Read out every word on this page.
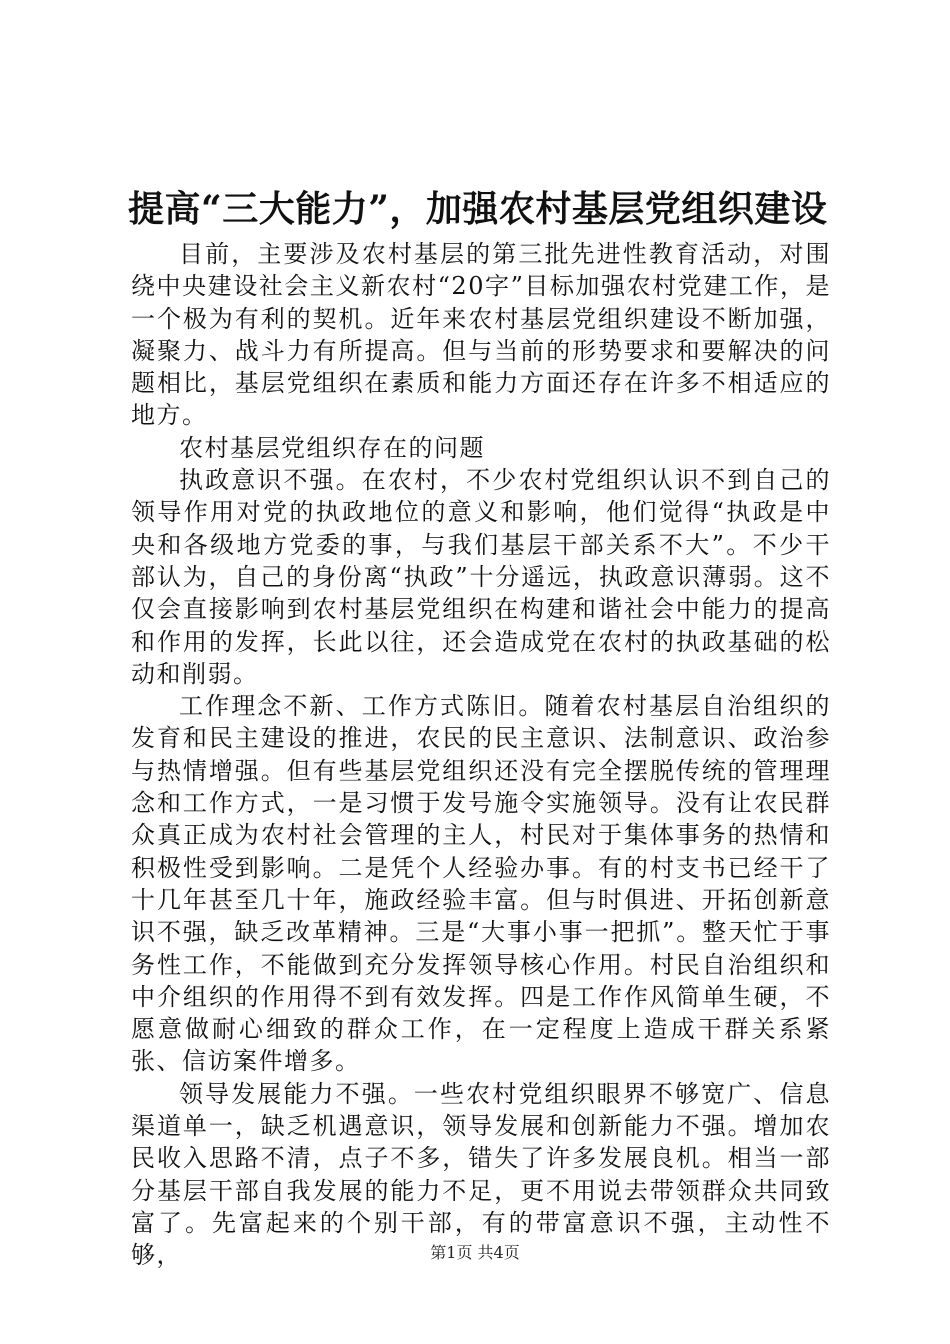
提高“三大能力”，加强农村基层党组织建设

目前，主要涉及农村基层的第三批先进性教育活动，对围绕中央建设社会主义新农村“20字”目标加强农村党建工作，是一个极为有利的契机。近年来农村基层党组织建设不断加强，凝聚力、战斗力有所提高。但与当前的形势要求和要解决的问题相比，基层党组织在素质和能力方面还存在许多不相适应的地方。

农村基层党组织存在的问题

执政意识不强。在农村，不少农村党组织认识不到自己的领导作用对党的执政地位的意义和影响，他们觉得“执政是中央和各级地方党委的事，与我们基层干部关系不大”。不少干部认为，自己的身份离“执政”十分遥远，执政意识薄弱。这不仅会直接影响到农村基层党组织在构建和谐社会中能力的提高和作用的发挥，长此以往，还会造成党在农村的执政基础的松动和削弱。

工作理念不新、工作方式陈旧。随着农村基层自治组织的发育和民主建设的推进，农民的民主意识、法制意识、政治参与热情增强。但有些基层党组织还没有完全摆脱传统的管理理念和工作方式，一是习惯于发号施令实施领导。没有让农民群众真正成为农村社会管理的主人，村民对于集体事务的热情和积极性受到影响。二是凭个人经验办事。有的村支书已经干了十几年甚至几十年，施政经验丰富。但与时俱进、开拓创新意识不强，缺乏改革精神。三是“大事小事一把抓”。整天忙于事务性工作，不能做到充分发挥领导核心作用。村民自治组织和中介组织的作用得不到有效发挥。四是工作作风简单生硬，不愿意做耐心细致的群众工作，在一定程度上造成干群关系紧张、信访案件增多。

领导发展能力不强。一些农村党组织眼界不够宽广、信息渠道单一，缺乏机遇意识，领导发展和创新能力不强。增加农民收入思路不清，点子不多，错失了许多发展良机。相当一部分基层干部自我发展的能力不足，更不用说去带领群众共同致富了。先富起来的个别干部，有的带富意识不强，主动性不够，	第1页 共4页
